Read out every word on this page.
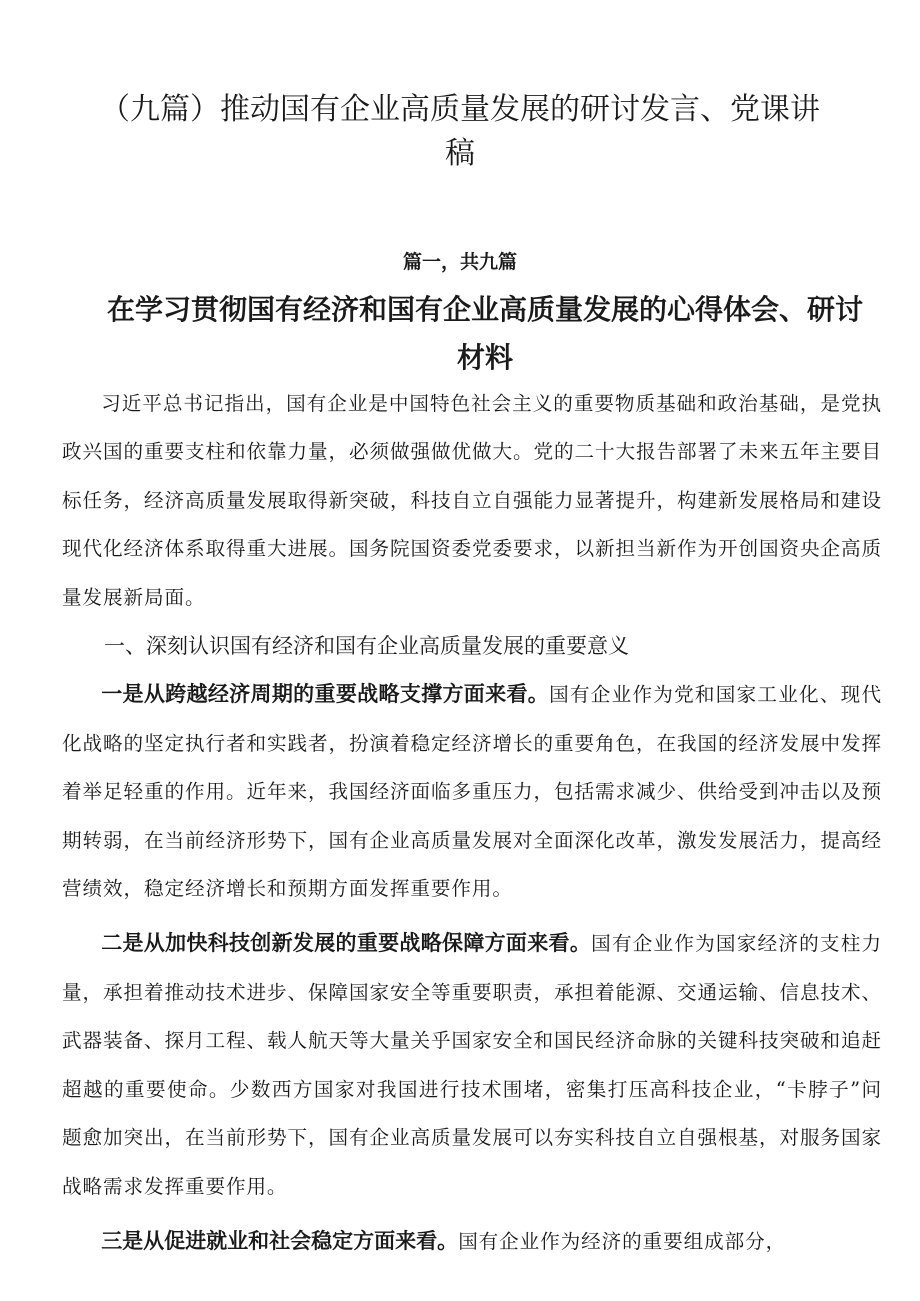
（九篇）推动国有企业高质量发展的研讨发言、党课讲稿
篇一，共九篇
在学习贯彻国有经济和国有企业高质量发展的心得体会、研讨材料

习近平总书记指出，国有企业是中国特色社会主义的重要物质基础和政治基础，是党执政兴国的重要支柱和依靠力量，必须做强做优做大。党的二十大报告部署了未来五年主要目标任务，经济高质量发展取得新突破，科技自立自强能力显著提升，构建新发展格局和建设现代化经济体系取得重大进展。国务院国资委党委要求，以新担当新作为开创国资央企高质量发展新局面。

一、深刻认识国有经济和国有企业高质量发展的重要意义

一是从跨越经济周期的重要战略支撑方面来看。国有企业作为党和国家工业化、现代化战略的坚定执行者和实践者，扮演着稳定经济增长的重要角色，在我国的经济发展中发挥着举足轻重的作用。近年来，我国经济面临多重压力，包括需求减少、供给受到冲击以及预期转弱，在当前经济形势下，国有企业高质量发展对全面深化改革，激发发展活力，提高经营绩效，稳定经济增长和预期方面发挥重要作用。

二是从加快科技创新发展的重要战略保障方面来看。国有企业作为国家经济的支柱力量，承担着推动技术进步、保障国家安全等重要职责，承担着能源、交通运输、信息技术、武器装备、探月工程、载人航天等大量关乎国家安全和国民经济命脉的关键科技突破和追赶超越的重要使命。少数西方国家对我国进行技术围堵，密集打压高科技企业，“卡脖子”问题愈加突出，在当前形势下，国有企业高质量发展可以夯实科技自立自强根基，对服务国家战略需求发挥重要作用。

三是从促进就业和社会稳定方面来看。国有企业作为经济的重要组成部分，
